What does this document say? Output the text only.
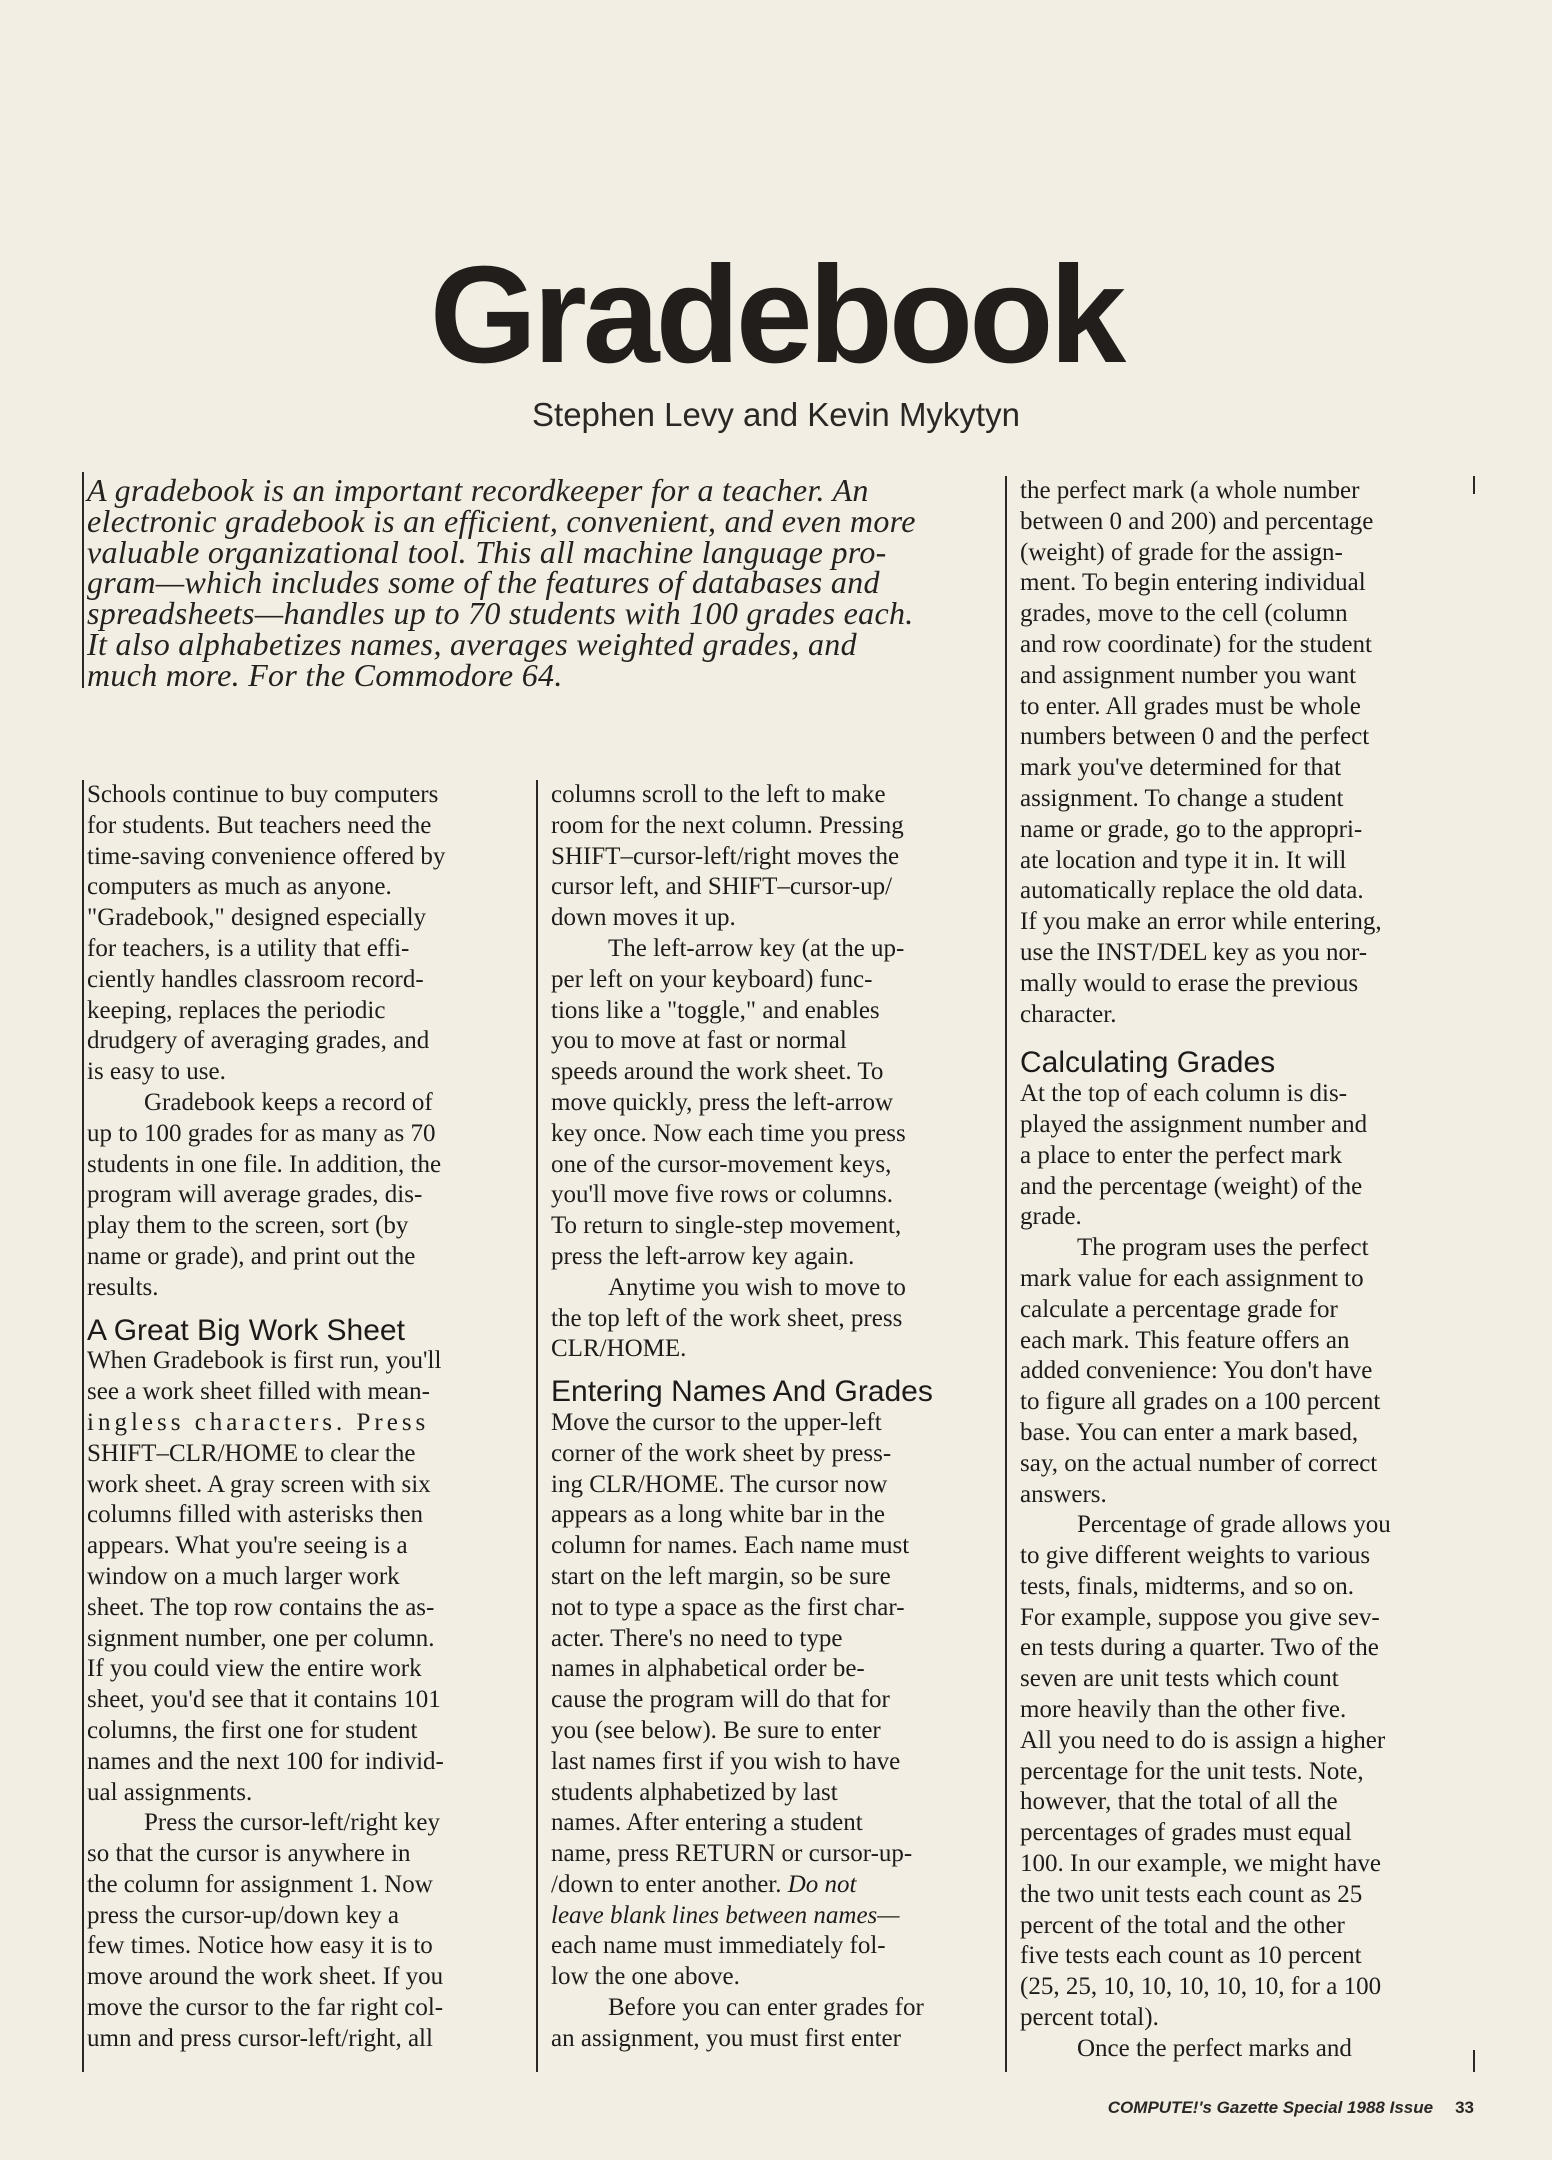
Gradebook
Stephen Levy and Kevin Mykytyn
A gradebook is an important recordkeeper for a teacher. An
electronic gradebook is an efficient, convenient, and even more
valuable organizational tool. This all machine language pro-
gram—which includes some of the features of databases and
spreadsheets—handles up to 70 students with 100 grades each.
It also alphabetizes names, averages weighted grades, and
much more. For the Commodore 64.
Schools continue to buy computers
for students. But teachers need the
time-saving convenience offered by
computers as much as anyone.
"Gradebook," designed especially
for teachers, is a utility that effi-
ciently handles classroom record-
keeping, replaces the periodic
drudgery of averaging grades, and
is easy to use.
Gradebook keeps a record of
up to 100 grades for as many as 70
students in one file. In addition, the
program will average grades, dis-
play them to the screen, sort (by
name or grade), and print out the
results.
A Great Big Work Sheet
When Gradebook is first run, you'll
see a work sheet filled with mean-
ingless characters. Press
SHIFT–CLR/HOME to clear the
work sheet. A gray screen with six
columns filled with asterisks then
appears. What you're seeing is a
window on a much larger work
sheet. The top row contains the as-
signment number, one per column.
If you could view the entire work
sheet, you'd see that it contains 101
columns, the first one for student
names and the next 100 for individ-
ual assignments.
Press the cursor-left/right key
so that the cursor is anywhere in
the column for assignment 1. Now
press the cursor-up/down key a
few times. Notice how easy it is to
move around the work sheet. If you
move the cursor to the far right col-
umn and press cursor-left/right, all
columns scroll to the left to make
room for the next column. Pressing
SHIFT–cursor-left/right moves the
cursor left, and SHIFT–cursor-up/
down moves it up.
The left-arrow key (at the up-
per left on your keyboard) func-
tions like a "toggle," and enables
you to move at fast or normal
speeds around the work sheet. To
move quickly, press the left-arrow
key once. Now each time you press
one of the cursor-movement keys,
you'll move five rows or columns.
To return to single-step movement,
press the left-arrow key again.
Anytime you wish to move to
the top left of the work sheet, press
CLR/HOME.
Entering Names And Grades
Move the cursor to the upper-left
corner of the work sheet by press-
ing CLR/HOME. The cursor now
appears as a long white bar in the
column for names. Each name must
start on the left margin, so be sure
not to type a space as the first char-
acter. There's no need to type
names in alphabetical order be-
cause the program will do that for
you (see below). Be sure to enter
last names first if you wish to have
students alphabetized by last
names. After entering a student
name, press RETURN or cursor-up-
/down to enter another. Do not
leave blank lines between names—
each name must immediately fol-
low the one above.
Before you can enter grades for
an assignment, you must first enter
the perfect mark (a whole number
between 0 and 200) and percentage
(weight) of grade for the assign-
ment. To begin entering individual
grades, move to the cell (column
and row coordinate) for the student
and assignment number you want
to enter. All grades must be whole
numbers between 0 and the perfect
mark you've determined for that
assignment. To change a student
name or grade, go to the appropri-
ate location and type it in. It will
automatically replace the old data.
If you make an error while entering,
use the INST/DEL key as you nor-
mally would to erase the previous
character.
Calculating Grades
At the top of each column is dis-
played the assignment number and
a place to enter the perfect mark
and the percentage (weight) of the
grade.
The program uses the perfect
mark value for each assignment to
calculate a percentage grade for
each mark. This feature offers an
added convenience: You don't have
to figure all grades on a 100 percent
base. You can enter a mark based,
say, on the actual number of correct
answers.
Percentage of grade allows you
to give different weights to various
tests, finals, midterms, and so on.
For example, suppose you give sev-
en tests during a quarter. Two of the
seven are unit tests which count
more heavily than the other five.
All you need to do is assign a higher
percentage for the unit tests. Note,
however, that the total of all the
percentages of grades must equal
100. In our example, we might have
the two unit tests each count as 25
percent of the total and the other
five tests each count as 10 percent
(25, 25, 10, 10, 10, 10, 10, for a 100
percent total).
Once the perfect marks and
COMPUTE!'s Gazette Special 1988 Issue 33
